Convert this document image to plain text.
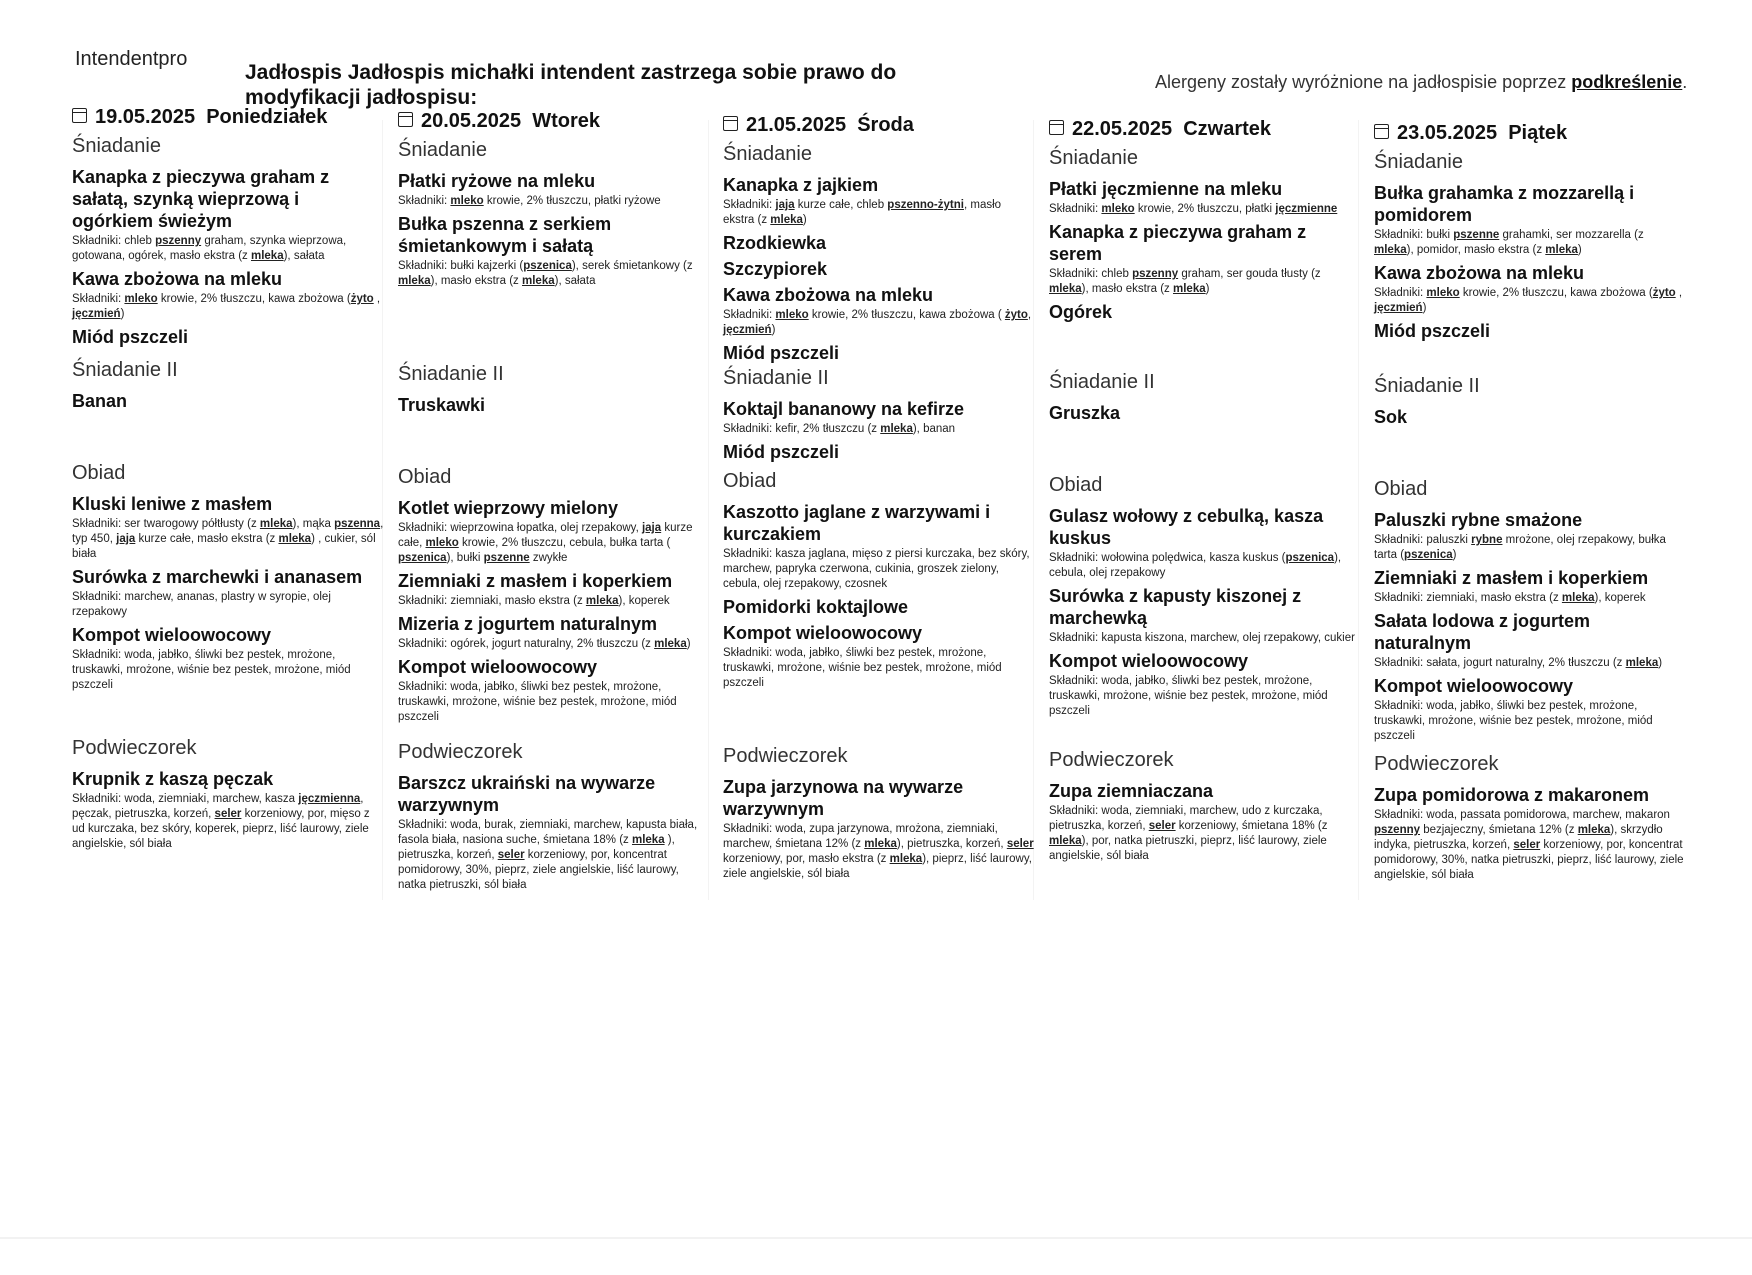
Intendentpro
Jadłospis Jadłospis michałki intendent zastrzega sobie prawo do modyfikacji jadłospisu:
Alergeny zostały wyróżnione na jadłospisie poprzez podkreślenie.
19.05.2025  Poniedziałek
Śniadanie
Kanapka z pieczywa graham z sałatą, szynką wieprzową i ogórkiem świeżym
Składniki: chleb pszenny graham, szynka wieprzowa, gotowana, ogórek, masło ekstra (z mleka), sałata
Kawa zbożowa na mleku
Składniki: mleko krowie, 2% tłuszczu, kawa zbożowa (żyto , jęczmień)
Miód pszczeli
Śniadanie II
Banan
Obiad
Kluski leniwe z masłem
Składniki: ser twarogowy półtłusty (z mleka), mąka pszenna, typ 450, jaja kurze całe, masło ekstra (z mleka) , cukier, sól biała
Surówka z marchewki i ananasem
Składniki: marchew, ananas, plastry w syropie, olej rzepakowy
Kompot wieloowocowy
Składniki: woda, jabłko, śliwki bez pestek, mrożone, truskawki, mrożone, wiśnie bez pestek, mrożone, miód pszczeli
Podwieczorek
Krupnik z kaszą pęczak
Składniki: woda, ziemniaki, marchew, kasza jęczmienna, pęczak, pietruszka, korzeń, seler korzeniowy, por, mięso z ud kurczaka, bez skóry, koperek, pieprz, liść laurowy, ziele angielskie, sól biała
20.05.2025  Wtorek
Śniadanie
Płatki ryżowe na mleku
Składniki: mleko krowie, 2% tłuszczu, płatki ryżowe
Bułka pszenna z serkiem śmietankowym i sałatą
Składniki: bułki kajzerki (pszenica), serek śmietankowy (z mleka), masło ekstra (z mleka), sałata
Śniadanie II
Truskawki
Obiad
Kotlet wieprzowy mielony
Składniki: wieprzowina łopatka, olej rzepakowy, jaja kurze całe, mleko krowie, 2% tłuszczu, cebula, bułka tarta ( pszenica), bułki pszenne zwykłe
Ziemniaki z masłem i koperkiem
Składniki: ziemniaki, masło ekstra (z mleka), koperek
Mizeria z jogurtem naturalnym
Składniki: ogórek, jogurt naturalny, 2% tłuszczu (z mleka)
Kompot wieloowocowy
Składniki: woda, jabłko, śliwki bez pestek, mrożone, truskawki, mrożone, wiśnie bez pestek, mrożone, miód pszczeli
Podwieczorek
Barszcz ukraiński na wywarze warzywnym
Składniki: woda, burak, ziemniaki, marchew, kapusta biała, fasola biała, nasiona suche, śmietana 18% (z mleka ), pietruszka, korzeń, seler korzeniowy, por, koncentrat pomidorowy, 30%, pieprz, ziele angielskie, liść laurowy, natka pietruszki, sól biała
21.05.2025  Środa
Śniadanie
Kanapka z jajkiem
Składniki: jaja kurze całe, chleb pszenno-żytni, masło ekstra (z mleka)
Rzodkiewka
Szczypiorek
Kawa zbożowa na mleku
Składniki: mleko krowie, 2% tłuszczu, kawa zbożowa ( żyto, jęczmień)
Miód pszczeli
Śniadanie II
Koktajl bananowy na kefirze
Składniki: kefir, 2% tłuszczu (z mleka), banan
Miód pszczeli
Obiad
Kaszotto jaglane z warzywami i kurczakiem
Składniki: kasza jaglana, mięso z piersi kurczaka, bez skóry, marchew, papryka czerwona, cukinia, groszek zielony, cebula, olej rzepakowy, czosnek
Pomidorki koktajlowe
Kompot wieloowocowy
Składniki: woda, jabłko, śliwki bez pestek, mrożone, truskawki, mrożone, wiśnie bez pestek, mrożone, miód pszczeli
Podwieczorek
Zupa jarzynowa na wywarze warzywnym
Składniki: woda, zupa jarzynowa, mrożona, ziemniaki, marchew, śmietana 12% (z mleka), pietruszka, korzeń, seler korzeniowy, por, masło ekstra (z mleka), pieprz, liść laurowy, ziele angielskie, sól biała
22.05.2025  Czwartek
Śniadanie
Płatki jęczmienne na mleku
Składniki: mleko krowie, 2% tłuszczu, płatki jęczmienne
Kanapka z pieczywa graham z serem
Składniki: chleb pszenny graham, ser gouda tłusty (z mleka), masło ekstra (z mleka)
Ogórek
Śniadanie II
Gruszka
Obiad
Gulasz wołowy z cebulką, kasza kuskus
Składniki: wołowina polędwica, kasza kuskus (pszenica), cebula, olej rzepakowy
Surówka z kapusty kiszonej z marchewką
Składniki: kapusta kiszona, marchew, olej rzepakowy, cukier
Kompot wieloowocowy
Składniki: woda, jabłko, śliwki bez pestek, mrożone, truskawki, mrożone, wiśnie bez pestek, mrożone, miód pszczeli
Podwieczorek
Zupa ziemniaczana
Składniki: woda, ziemniaki, marchew, udo z kurczaka, pietruszka, korzeń, seler korzeniowy, śmietana 18% (z mleka), por, natka pietruszki, pieprz, liść laurowy, ziele angielskie, sól biała
23.05.2025  Piątek
Śniadanie
Bułka grahamka z mozzarellą i pomidorem
Składniki: bułki pszenne grahamki, ser mozzarella (z mleka), pomidor, masło ekstra (z mleka)
Kawa zbożowa na mleku
Składniki: mleko krowie, 2% tłuszczu, kawa zbożowa (żyto , jęczmień)
Miód pszczeli
Śniadanie II
Sok
Obiad
Paluszki rybne smażone
Składniki: paluszki rybne mrożone, olej rzepakowy, bułka tarta (pszenica)
Ziemniaki z masłem i koperkiem
Składniki: ziemniaki, masło ekstra (z mleka), koperek
Sałata lodowa z jogurtem naturalnym
Składniki: sałata, jogurt naturalny, 2% tłuszczu (z mleka)
Kompot wieloowocowy
Składniki: woda, jabłko, śliwki bez pestek, mrożone, truskawki, mrożone, wiśnie bez pestek, mrożone, miód pszczeli
Podwieczorek
Zupa pomidorowa z makaronem
Składniki: woda, passata pomidorowa, marchew, makaron pszenny bezjajeczny, śmietana 12% (z mleka), skrzydło indyka, pietruszka, korzeń, seler korzeniowy, por, koncentrat pomidorowy, 30%, natka pietruszki, pieprz, liść laurowy, ziele angielskie, sól biała
